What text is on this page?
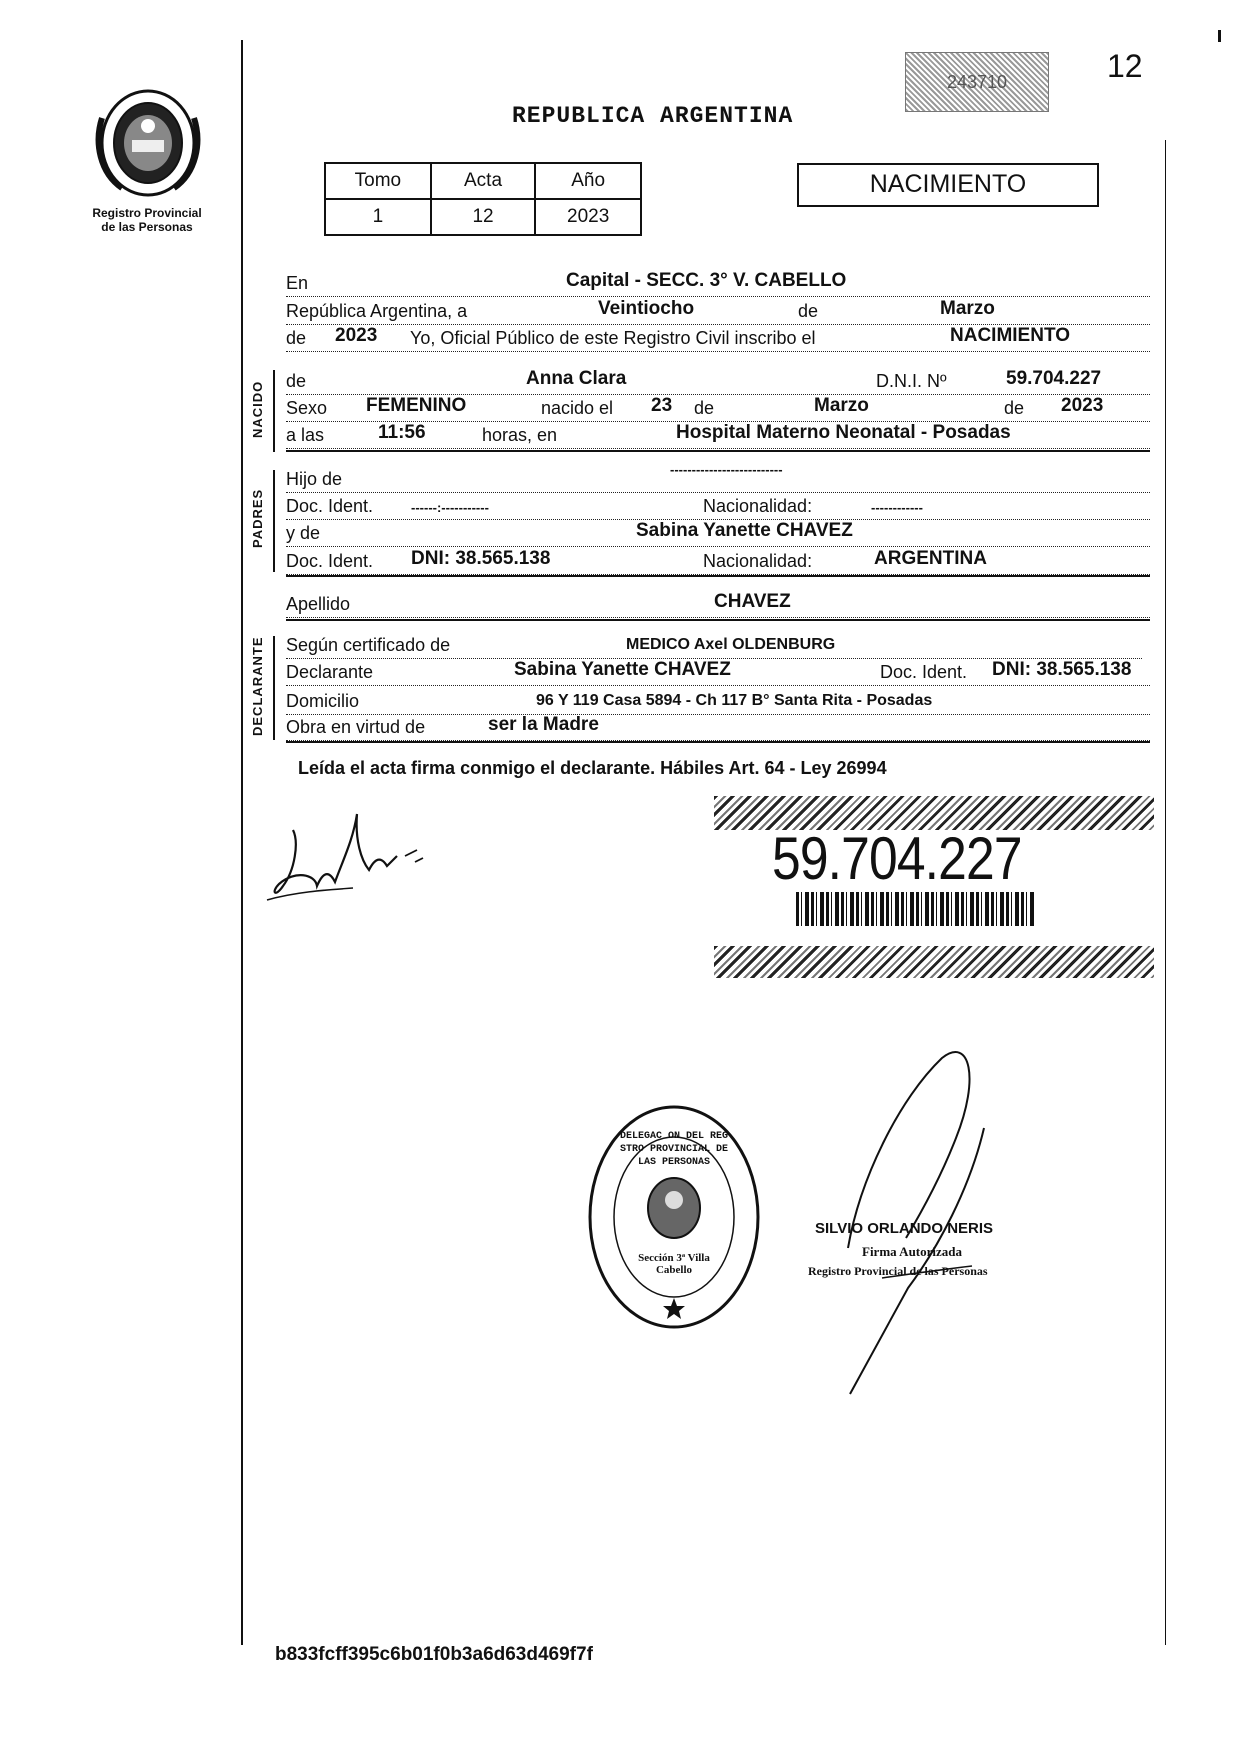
12
243710
Registro Provincial
de las Personas
REPUBLICA ARGENTINA
Tomo	Acta	Año
1	12	2023
NACIMIENTO
En	Capital - SECC. 3° V. CABELLO
República Argentina, a	Veintiocho	de	Marzo
de 2023 Yo, Oficial Público de este Registro Civil inscribo el	NACIMIENTO
NACIDO de	Anna Clara	D.N.I. Nº	59.704.227
Sexo FEMENINO	nacido el 23 de	Marzo	de 2023
a las	11:56	horas, en	Hospital Materno Neonatal - Posadas
PADRES
Hijo de	--------------------------
Doc. Ident.	------:-----------	Nacionalidad:	------------
y de	Sabina Yanette CHAVEZ
Doc. Ident. DNI: 38.565.138	Nacionalidad:	ARGENTINA
Apellido	CHAVEZ
DECLARANTE Según certificado de	MEDICO Axel OLDENBURG
Declarante	Sabina Yanette CHAVEZ	Doc. Ident. DNI: 38.565.138
Domicilio	96 Y 119 Casa 5894 - Ch 117 B° Santa Rita - Posadas
Obra en virtud de	ser la Madre
Leída el acta firma conmigo el declarante. Hábiles Art. 64 - Ley 26994
59.704.227
DELEGAC ON DEL REG STRO PROVINCIAL DE LAS PERSONAS
Sección 3ª Villa Cabello
SILVIO ORLANDO NERIS
Firma Autorizada
Registro Provincial de las Personas
b833fcff395c6b01f0b3a6d63d469f7f
